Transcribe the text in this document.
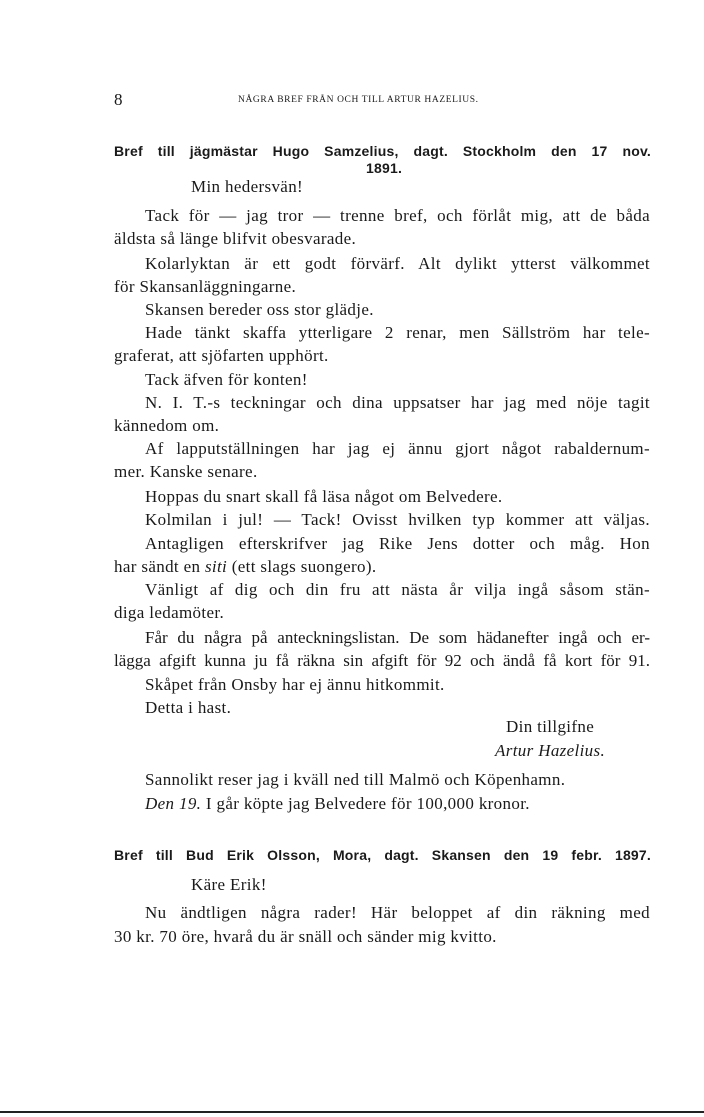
8	NÅGRA BREF FRÅN OCH TILL ARTUR HAZELIUS.
Bref till jägmästar Hugo Samzelius, dagt. Stockholm den 17 nov.
1891.
Min hedersvän!
Tack för — jag tror — trenne bref, och förlåt mig, att de båda
äldsta så länge blifvit obesvarade.
Kolarlyktan är ett godt förvärf. Alt dylikt ytterst välkommet
för Skansanläggningarne.
Skansen bereder oss stor glädje.
Hade tänkt skaffa ytterligare 2 renar, men Sällström har tele-
graferat, att sjöfarten upphört.
Tack äfven för konten!
N. I. T.-s teckningar och dina uppsatser har jag med nöje tagit
kännedom om.
Af lapputställningen har jag ej ännu gjort något rabaldernum-
mer. Kanske senare.
Hoppas du snart skall få läsa något om Belvedere.
Kolmilan i jul! — Tack! Ovisst hvilken typ kommer att väljas.
Antagligen efterskrifver jag Rike Jens dotter och måg. Hon
har sändt en siti (ett slags suongero).
Vänligt af dig och din fru att nästa år vilja ingå såsom stän-
diga ledamöter.
Får du några på anteckningslistan. De som hädanefter ingå och er-
lägga afgift kunna ju få räkna sin afgift för 92 och ändå få kort för 91.
Skåpet från Onsby har ej ännu hitkommit.
Detta i hast.
Din tillgifne
Artur Hazelius.
Sannolikt reser jag i kväll ned till Malmö och Köpenhamn.
Den 19. I går köpte jag Belvedere för 100,000 kronor.
Bref till Bud Erik Olsson, Mora, dagt. Skansen den 19 febr. 1897.
Käre Erik!
Nu ändtligen några rader! Här beloppet af din räkning med
30 kr. 70 öre, hvarå du är snäll och sänder mig kvitto.
